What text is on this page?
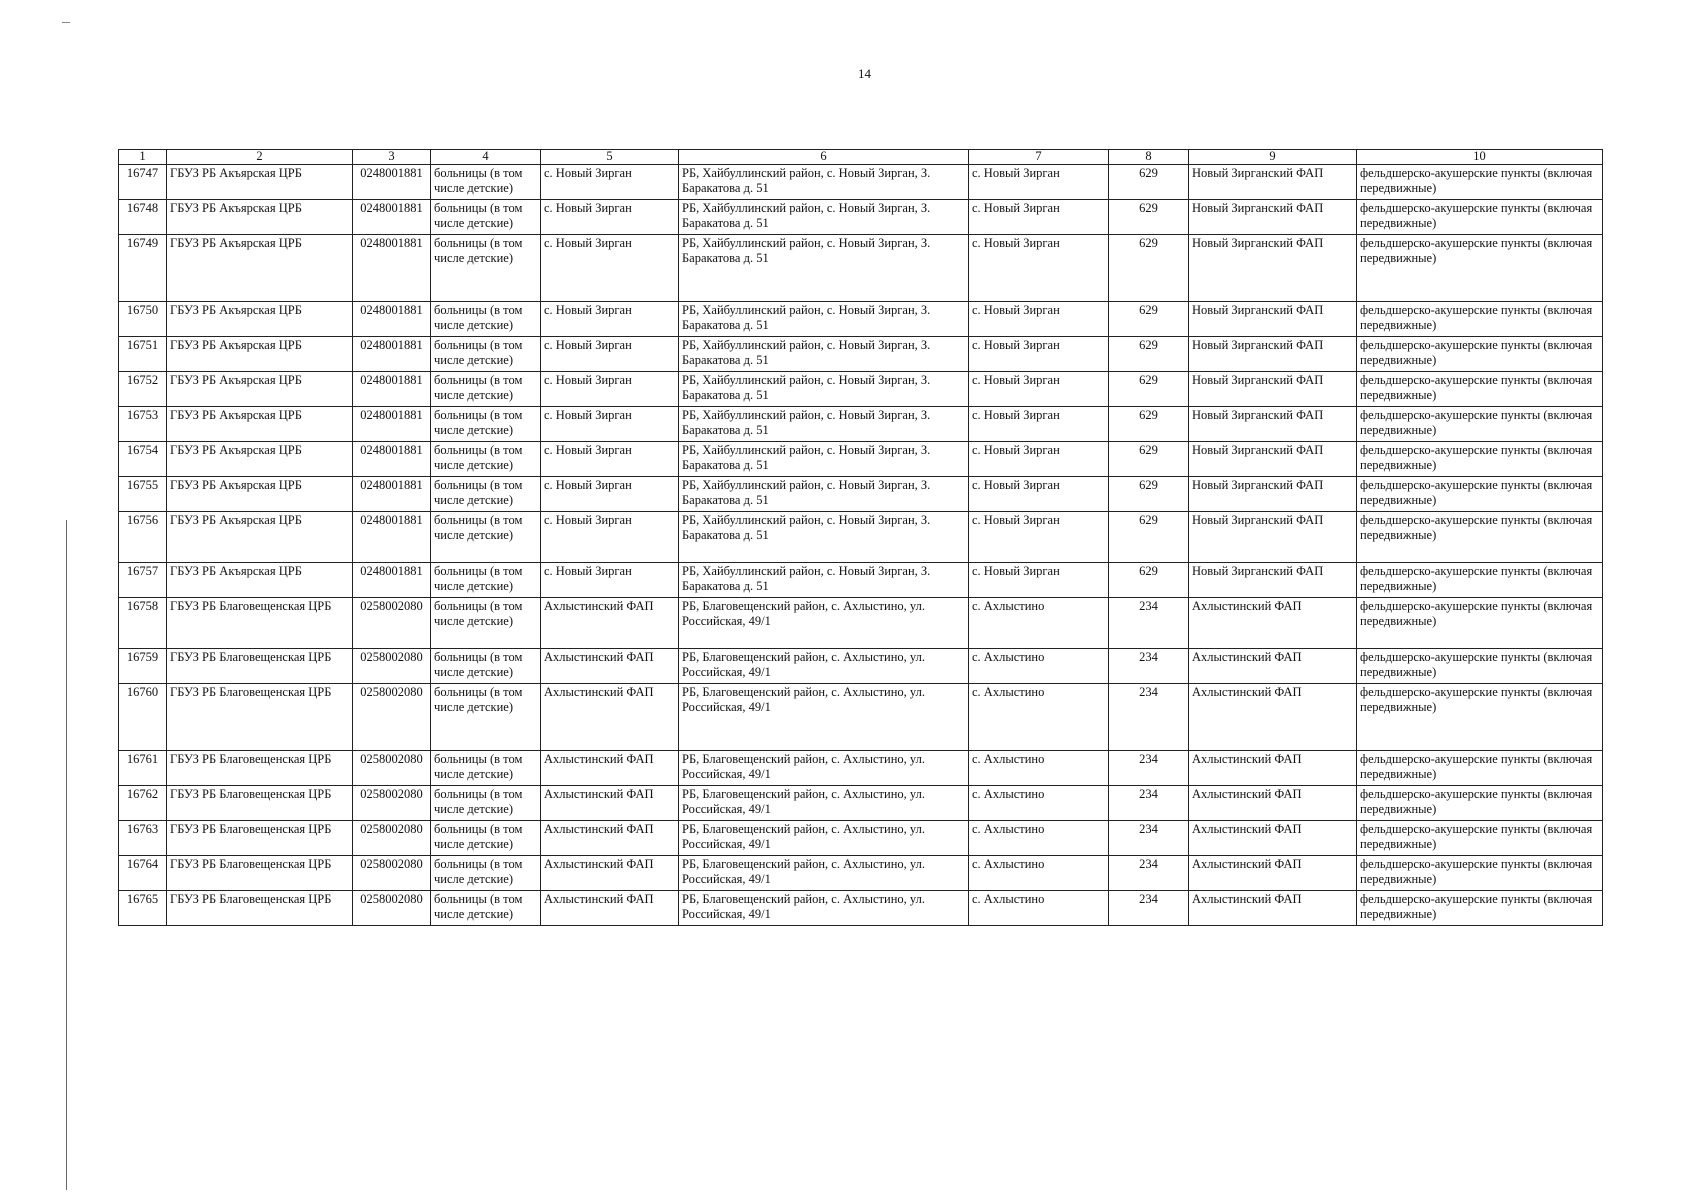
14
1	2	3	4	5	6	7	8	9	10
16747	ГБУЗ РБ Акъярская ЦРБ	0248001881	больницы (в том числе детские)	с. Новый Зирган	РБ, Хайбуллинский район, с. Новый Зирган, З. Баракатова д. 51	с. Новый Зирган	629	Новый Зирганский ФАП	фельдшерско-акушерские пункты (включая передвижные)
16748	ГБУЗ РБ Акъярская ЦРБ	0248001881	больницы (в том числе детские)	с. Новый Зирган	РБ, Хайбуллинский район, с. Новый Зирган, З. Баракатова д. 51	с. Новый Зирган	629	Новый Зирганский ФАП	фельдшерско-акушерские пункты (включая передвижные)
16749	ГБУЗ РБ Акъярская ЦРБ	0248001881	больницы (в том числе детские)	с. Новый Зирган	РБ, Хайбуллинский район, с. Новый Зирган, З. Баракатова д. 51	с. Новый Зирган	629	Новый Зирганский ФАП	фельдшерско-акушерские пункты (включая передвижные)
16750	ГБУЗ РБ Акъярская ЦРБ	0248001881	больницы (в том числе детские)	с. Новый Зирган	РБ, Хайбуллинский район, с. Новый Зирган, З. Баракатова д. 51	с. Новый Зирган	629	Новый Зирганский ФАП	фельдшерско-акушерские пункты (включая передвижные)
16751	ГБУЗ РБ Акъярская ЦРБ	0248001881	больницы (в том числе детские)	с. Новый Зирган	РБ, Хайбуллинский район, с. Новый Зирган, З. Баракатова д. 51	с. Новый Зирган	629	Новый Зирганский ФАП	фельдшерско-акушерские пункты (включая передвижные)
16752	ГБУЗ РБ Акъярская ЦРБ	0248001881	больницы (в том числе детские)	с. Новый Зирган	РБ, Хайбуллинский район, с. Новый Зирган, З. Баракатова д. 51	с. Новый Зирган	629	Новый Зирганский ФАП	фельдшерско-акушерские пункты (включая передвижные)
16753	ГБУЗ РБ Акъярская ЦРБ	0248001881	больницы (в том числе детские)	с. Новый Зирган	РБ, Хайбуллинский район, с. Новый Зирган, З. Баракатова д. 51	с. Новый Зирган	629	Новый Зирганский ФАП	фельдшерско-акушерские пункты (включая передвижные)
16754	ГБУЗ РБ Акъярская ЦРБ	0248001881	больницы (в том числе детские)	с. Новый Зирган	РБ, Хайбуллинский район, с. Новый Зирган, З. Баракатова д. 51	с. Новый Зирган	629	Новый Зирганский ФАП	фельдшерско-акушерские пункты (включая передвижные)
16755	ГБУЗ РБ Акъярская ЦРБ	0248001881	больницы (в том числе детские)	с. Новый Зирган	РБ, Хайбуллинский район, с. Новый Зирган, З. Баракатова д. 51	с. Новый Зирган	629	Новый Зирганский ФАП	фельдшерско-акушерские пункты (включая передвижные)
16756	ГБУЗ РБ Акъярская ЦРБ	0248001881	больницы (в том числе детские)	с. Новый Зирган	РБ, Хайбуллинский район, с. Новый Зирган, З. Баракатова д. 51	с. Новый Зирган	629	Новый Зирганский ФАП	фельдшерско-акушерские пункты (включая передвижные)
16757	ГБУЗ РБ Акъярская ЦРБ	0248001881	больницы (в том числе детские)	с. Новый Зирган	РБ, Хайбуллинский район, с. Новый Зирган, З. Баракатова д. 51	с. Новый Зирган	629	Новый Зирганский ФАП	фельдшерско-акушерские пункты (включая передвижные)
16758	ГБУЗ РБ Благовещенская ЦРБ	0258002080	больницы (в том числе детские)	Ахлыстинский ФАП	РБ, Благовещенский район, с. Ахлыстино, ул. Российская, 49/1	с. Ахлыстино	234	Ахлыстинский ФАП	фельдшерско-акушерские пункты (включая передвижные)
16759	ГБУЗ РБ Благовещенская ЦРБ	0258002080	больницы (в том числе детские)	Ахлыстинский ФАП	РБ, Благовещенский район, с. Ахлыстино, ул. Российская, 49/1	с. Ахлыстино	234	Ахлыстинский ФАП	фельдшерско-акушерские пункты (включая передвижные)
16760	ГБУЗ РБ Благовещенская ЦРБ	0258002080	больницы (в том числе детские)	Ахлыстинский ФАП	РБ, Благовещенский район, с. Ахлыстино, ул. Российская, 49/1	с. Ахлыстино	234	Ахлыстинский ФАП	фельдшерско-акушерские пункты (включая передвижные)
16761	ГБУЗ РБ Благовещенская ЦРБ	0258002080	больницы (в том числе детские)	Ахлыстинский ФАП	РБ, Благовещенский район, с. Ахлыстино, ул. Российская, 49/1	с. Ахлыстино	234	Ахлыстинский ФАП	фельдшерско-акушерские пункты (включая передвижные)
16762	ГБУЗ РБ Благовещенская ЦРБ	0258002080	больницы (в том числе детские)	Ахлыстинский ФАП	РБ, Благовещенский район, с. Ахлыстино, ул. Российская, 49/1	с. Ахлыстино	234	Ахлыстинский ФАП	фельдшерско-акушерские пункты (включая передвижные)
16763	ГБУЗ РБ Благовещенская ЦРБ	0258002080	больницы (в том числе детские)	Ахлыстинский ФАП	РБ, Благовещенский район, с. Ахлыстино, ул. Российская, 49/1	с. Ахлыстино	234	Ахлыстинский ФАП	фельдшерско-акушерские пункты (включая передвижные)
16764	ГБУЗ РБ Благовещенская ЦРБ	0258002080	больницы (в том числе детские)	Ахлыстинский ФАП	РБ, Благовещенский район, с. Ахлыстино, ул. Российская, 49/1	с. Ахлыстино	234	Ахлыстинский ФАП	фельдшерско-акушерские пункты (включая передвижные)
16765	ГБУЗ РБ Благовещенская ЦРБ	0258002080	больницы (в том числе детские)	Ахлыстинский ФАП	РБ, Благовещенский район, с. Ахлыстино, ул. Российская, 49/1	с. Ахлыстино	234	Ахлыстинский ФАП	фельдшерско-акушерские пункты (включая передвижные)
